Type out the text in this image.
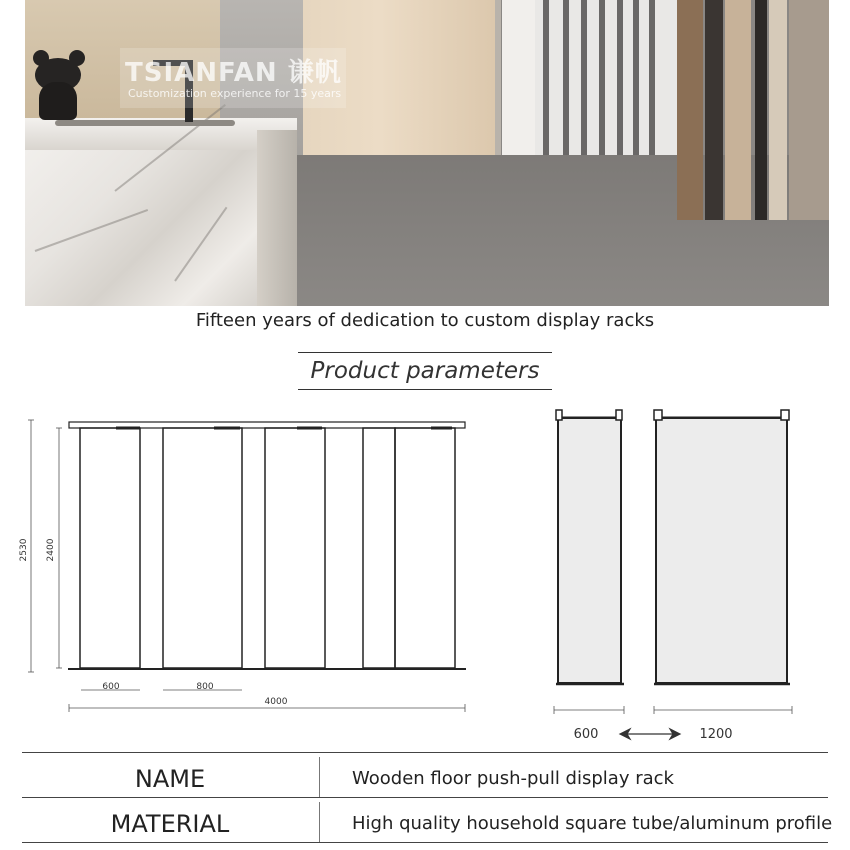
TSIANFAN 谦帆
Customization experience for 15 years
Fifteen years of dedication to custom display racks
Product parameters
2530 2400
600	800
4000
600	1200
NAME	Wooden floor push-pull display rack
MATERIAL	High quality household square tube/aluminum profile
